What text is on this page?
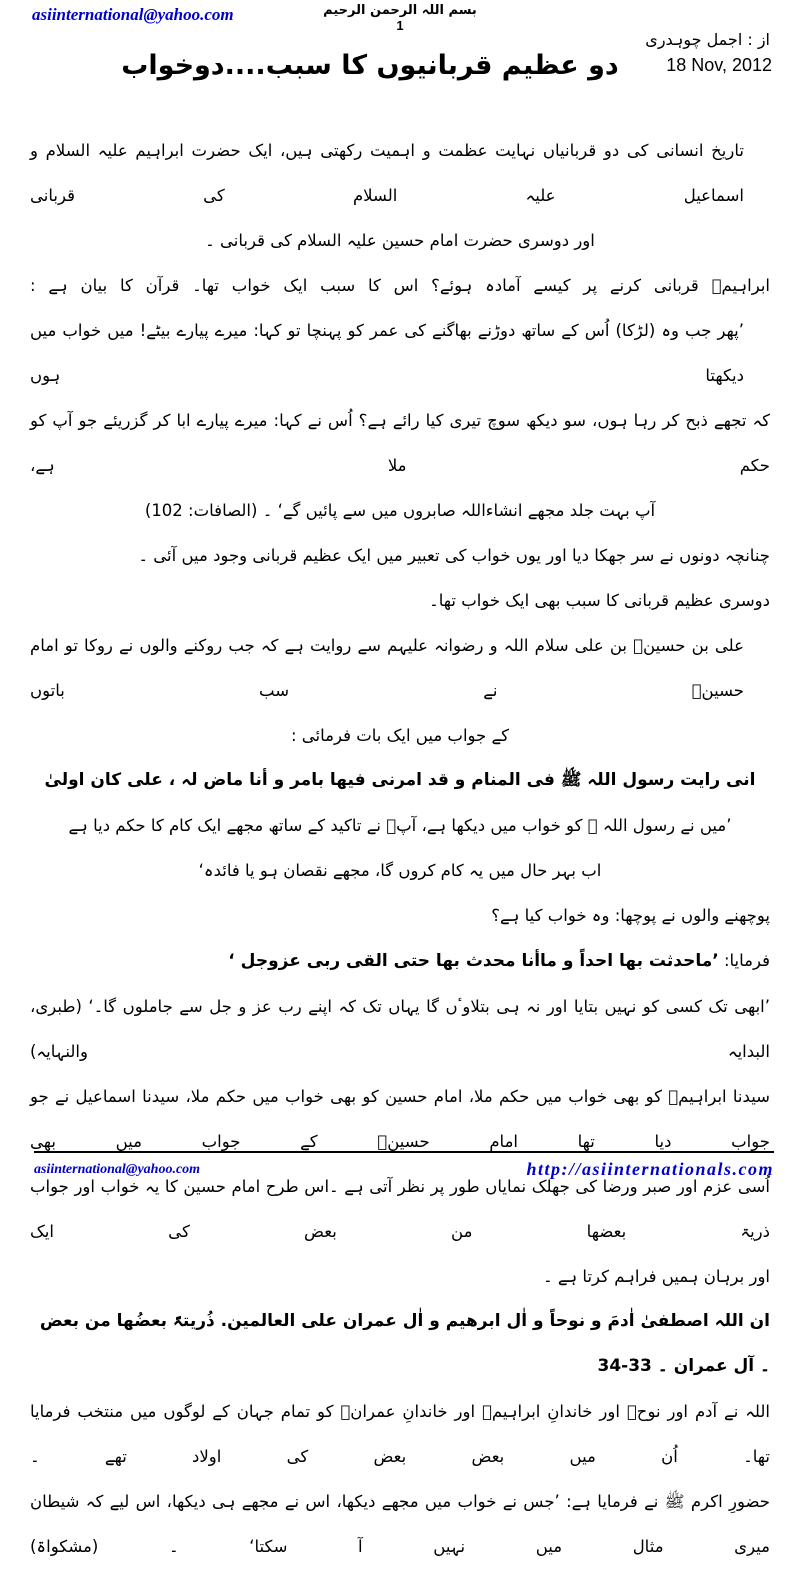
asiinternational@yahoo.com	بسم اللہ الرحمن الرحیم
1
از : اجمل چوہدری
18 Nov, 2012
دو عظیم قربانیوں کا سبب....دوخواب
تاریخ انسانی کی دو قربانیاں نہایت عظمت و اہمیت رکھتی ہیں، ایک حضرت ابراہیم علیہ السلام و اسماعیل علیہ السلام کی قربانی
اور دوسری حضرت امام حسین علیہ السلام کی قربانی ۔
ابراہیمؑ قربانی کرنے پر کیسے آمادہ ہوئے؟ اس کا سبب ایک خواب تھا۔ قرآن کا بیان ہے :
’پھر جب وہ (لڑکا) اُس کے ساتھ دوڑنے بھاگنے کی عمر کو پہنچا تو کہا: میرے پیارے بیٹے! میں خواب میں دیکھتا ہوں
کہ تجھے ذبح کر رہا ہوں، سو دیکھ سوچ تیری کیا رائے ہے؟ اُس نے کہا: میرے پیارے ابا کر گزریئے جو آپ کو حکم ملا ہے،
آپ بہت جلد مجھے انشاءاللہ صابروں میں سے پائیں گے‘ ۔ (الصافات: 102)
چنانچہ دونوں نے سر جھکا دیا اور یوں خواب کی تعبیر میں ایک عظیم قربانی وجود میں آئی ۔
دوسری عظیم قربانی کا سبب بھی ایک خواب تھا۔
علی بن حسینؑ بن علی سلام اللہ و رضوانہ علیہم سے روایت ہے کہ جب روکنے والوں نے روکا تو امام حسینؑ نے سب باتوں
کے جواب میں ایک بات فرمائی :
انی رایت رسول اللہ ﷺ فی المنام و قد امرنی فیھا بامر و أنا ماض لہ ، علی کان اولیٰ
’میں نے رسول اللہ ﷺ کو خواب میں دیکھا ہے، آپؐ نے تاکید کے ساتھ مجھے ایک کام کا حکم دیا ہے
اب بہر حال میں یہ کام کروں گا، مجھے نقصان ہو یا فائدہ‘
پوچھنے والوں نے پوچھا: وہ خواب کیا ہے؟
فرمایا: ’ماحدثت بھا احداً و ماأنا محدث بھا حتی القی ربی عزوجل ‘
’ابھی تک کسی کو نہیں بتایا اور نہ ہی بتلاوٴں گا یہاں تک کہ اپنے رب عز و جل سے جاملوں گا۔‘ (طبری، البدایہ والنہایہ)
سیدنا ابراہیمؑ کو بھی خواب میں حکم ملا، امام حسین کو بھی خواب میں حکم ملا، سیدنا اسماعیل نے جو جواب دیا تھا امام حسینؑ کے جواب میں بھی
اُسی عزم اور صبر ورضا کی جھلک نمایاں طور پر نظر آتی ہے ۔اس طرح امام حسین کا یہ خواب اور جواب ذریۃ بعضھا من بعض کی ایک
اور برہان ہمیں فراہم کرتا ہے ۔
ان اللہ اصطفیٰ اٰدمَ و نوحاً و اٰل ابرھیم و اٰل عمران علی العالمین. ذُریتہً بعضُھا من بعض ۔ آل عمران ۔ 33-34
اللہ نے آدم اور نوحؑ اور خاندانِ ابراہیمؑ اور خاندانِ عمرانؑ کو تمام جہان کے لوگوں میں منتخب فرمایا تھا۔ اُن میں بعض بعض کی اولاد تھے ۔
حضورِ اکرم ﷺ نے فرمایا ہے: ’جس نے خواب میں مجھے دیکھا، اس نے مجھے ہی دیکھا، اس لیے کہ شیطان میری مثال میں نہیں آ سکتا‘ ۔ (مشکواۃ)
asiinternational@yahoo.com	http://asiinternationals.com
